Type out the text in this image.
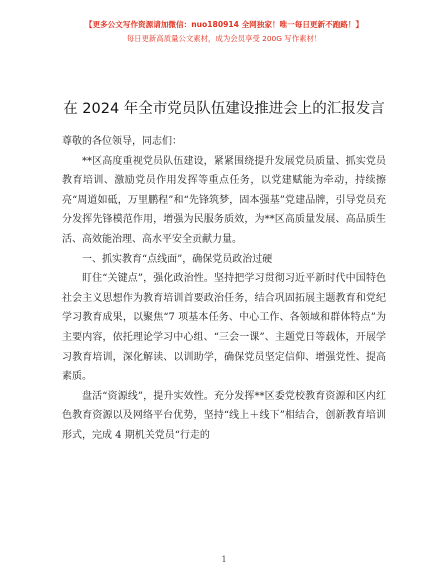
【更多公文写作资源请加微信：nuo180914 全网独家！唯一每日更新不跑路！】
每日更新高质量公文素材，成为会员享受 200G 写作素材！
在 2024 年全市党员队伍建设推进会上的汇报发言

尊敬的各位领导，同志们：

**区高度重视党员队伍建设，紧紧围绕提升发展党员质量、抓实党员教育培训、激励党员作用发挥等重点任务，以党建赋能为牵动，持续擦亮“周道如砥，万里鹏程”和“先锋筑梦，固本强基”党建品牌，引导党员充分发挥先锋模范作用，增强为民服务质效，为**区高质量发展、高品质生活、高效能治理、高水平安全贡献力量。

一、抓实教育“点线面”，确保党员政治过硬

盯住“关键点”，强化政治性。坚持把学习贯彻习近平新时代中国特色社会主义思想作为教育培训首要政治任务，结合巩固拓展主题教育和党纪学习教育成果，以聚焦“7 项基本任务、中心工作、各领域和群体特点”为主要内容，依托理论学习中心组、“三会一课”、主题党日等载体，开展学习教育培训，深化解读、以训助学，确保党员坚定信仰、增强党性、提高素质。

盘活“资源线”，提升实效性。充分发挥**区委党校教育资源和区内红色教育资源以及网络平台优势，坚持“线上＋线下”相结合，创新教育培训形式，完成 4 期机关党员“行走的

1
